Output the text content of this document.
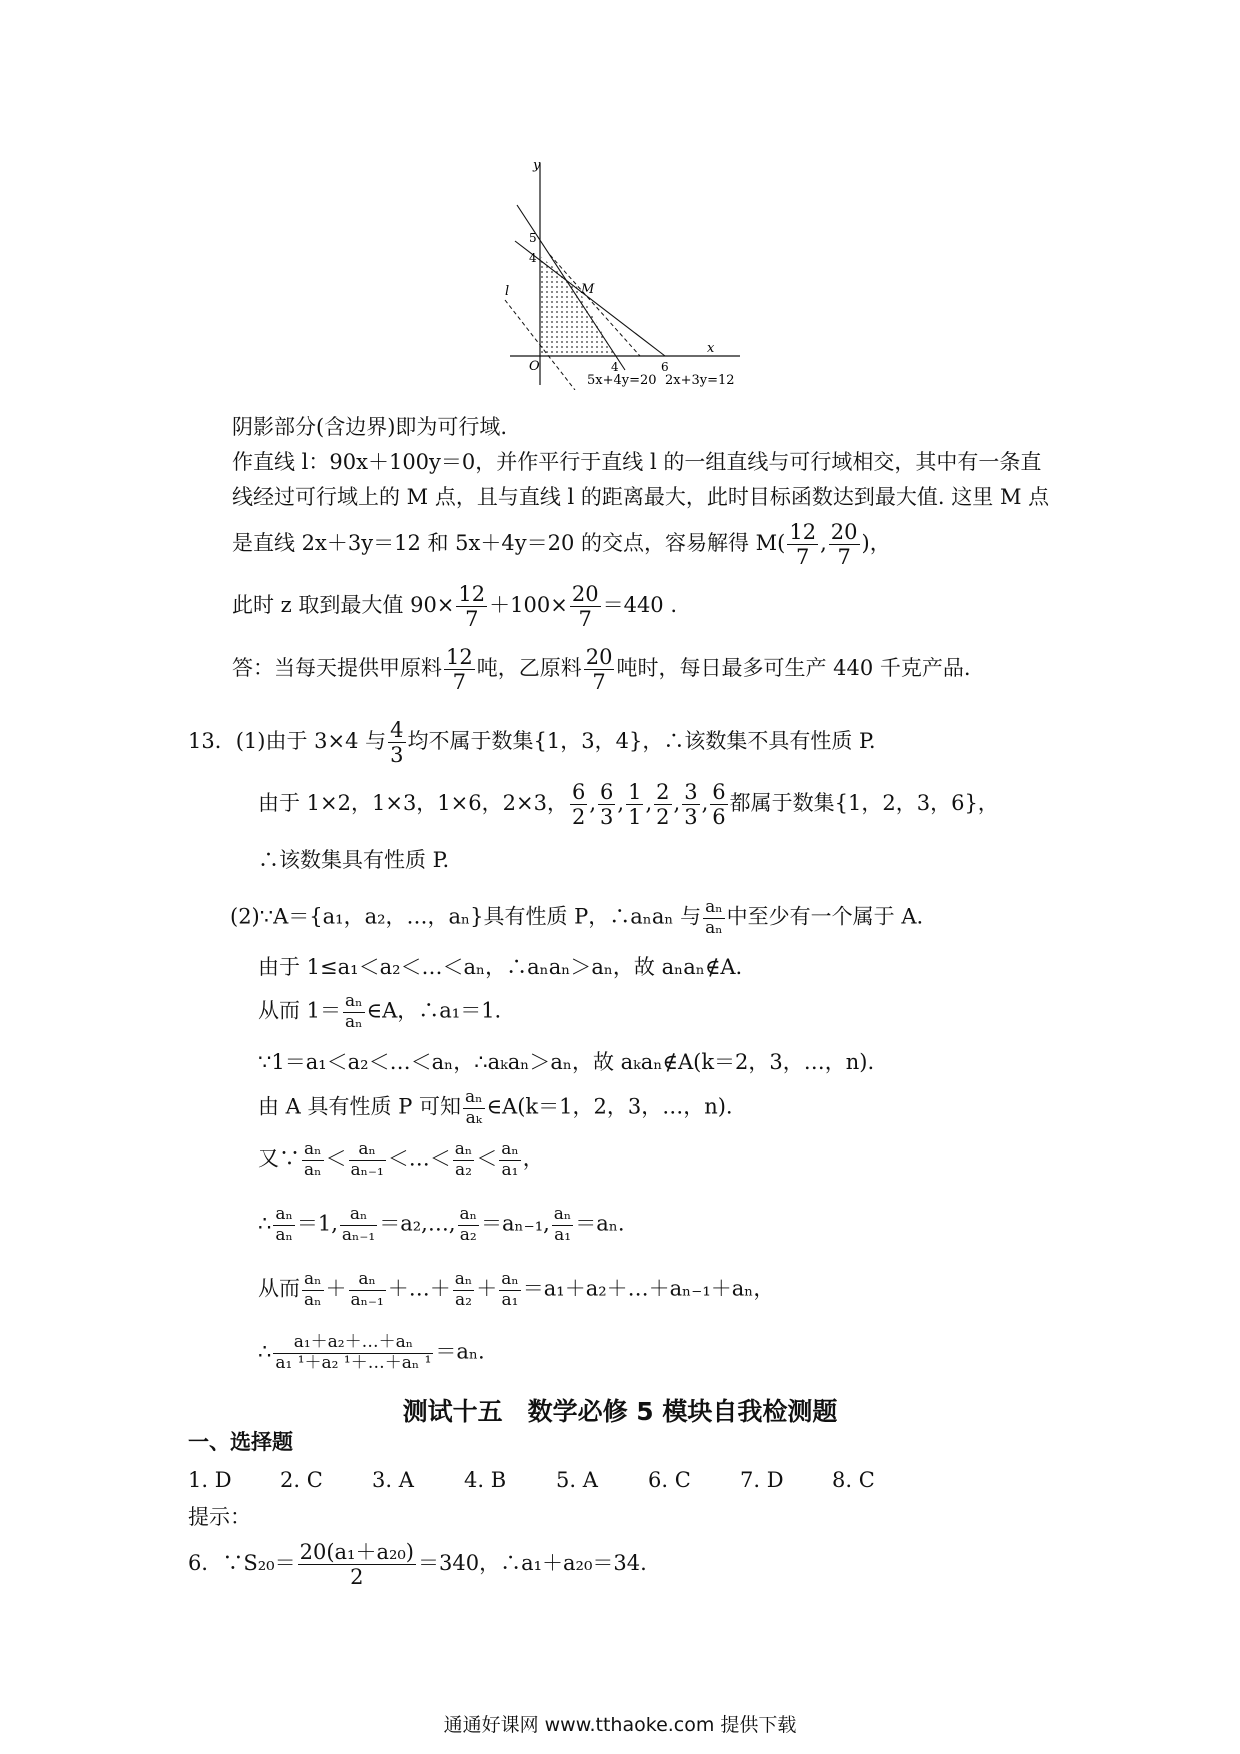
y
x
O
M
l
5
4
4	6
5x+4y=20 2x+3y=12
阴影部分(含边界)即为可行域.
作直线 l：90x＋100y＝0，并作平行于直线 l 的一组直线与可行域相交，其中有一条直
线经过可行域上的 M 点，且与直线 l 的距离最大，此时目标函数达到最大值. 这里 M 点
是直线 2x＋3y＝12 和 5x＋4y＝20 的交点，容易解得 $M( \frac{12}{7}$ , $\frac{20}{7}$ )，
此时 z 取到最大值 $90\times \frac{12}{7} +100\times \frac{20}{7} =440$ .
答：当每天提供甲原料 $\frac{12}{7}$ 吨，乙原料 $\frac{20}{7}$ 吨时，每日最多可生产 440 千克产品.
13．(1)由于 3×4 与 $\frac{4}{3}$ 均不属于数集{1，3，4}，∴该数集不具有性质 P.
由于 1×2，1×3，1×6，2×3， $\frac{6}{2}$ , $\frac{6}{3}$ , $\frac{1}{1}$ , $\frac{2}{2}$ , $\frac{3}{3}$ , $\frac{6}{6}$ 都属于数集{1，2，3，6}，
∴该数集具有性质 P.
(2)∵A＝{a₁，a₂，…，aₙ}具有性质 P，∴aₙaₙ 与 $\frac{\text{aₙ}}{\text{aₙ}}$ 中至少有一个属于 A.
由于 1≤a₁＜a₂＜…＜aₙ，∴aₙaₙ＞aₙ，故 aₙaₙ∉A.
从而 $1= \frac{\text{aₙ}}{\text{aₙ}}$ ∈A，∴a₁＝1.
∵1＝a₁＜a₂＜…＜aₙ，∴aₖaₙ＞aₙ，故 aₖaₙ∉A(k＝2，3，…，n).
由 A 具有性质 P 可知 $\frac{\text{aₙ}}{\text{aₖ}}$ ∈A(k＝1，2，3，…，n).
又∵ $\frac{\text{aₙ}}{\text{aₙ}} < \frac{\text{aₙ}}{\text{aₙ₋₁}}$ ＜…＜ $\frac{\text{aₙ}}{\text{a₂}} < \frac{\text{aₙ}}{\text{a₁}}$ ，
∴ $\frac{\text{aₙ}}{\text{aₙ}} =1$, $\frac{\text{aₙ}}{\text{aₙ₋₁}}$ ＝a₂,…, $\frac{\text{aₙ}}{\text{a₂}} =a_{n-1}$, $\frac{\text{aₙ}}{\text{a₁}} =a_n$.
从而 $\frac{\text{aₙ}}{\text{aₙ}} + \frac{\text{aₙ}}{\text{aₙ₋₁}}$ ＋…＋ $\frac{\text{aₙ}}{\text{a₂}} + \frac{\text{aₙ}}{\text{a₁}}$ ＝a₁＋a₂＋…＋aₙ₋₁＋aₙ，
∴ $\frac{\text{a₁＋a₂＋…＋aₙ}}{\text{a₁ ¹＋a₂ ¹＋…＋aₙ ¹}} =a_n$.
测试十五　数学必修 5 模块自我检测题
一、选择题
1. D 2. C 3. A 4. B 5. A 6. C 7. D 8. C
提示：
6．∵S₂₀＝ $\frac{\text{20(a₁＋a₂₀)}}{2} =340$，∴a₁＋a₂₀＝34.
通通好课网 www.tthaoke.com 提供下载
